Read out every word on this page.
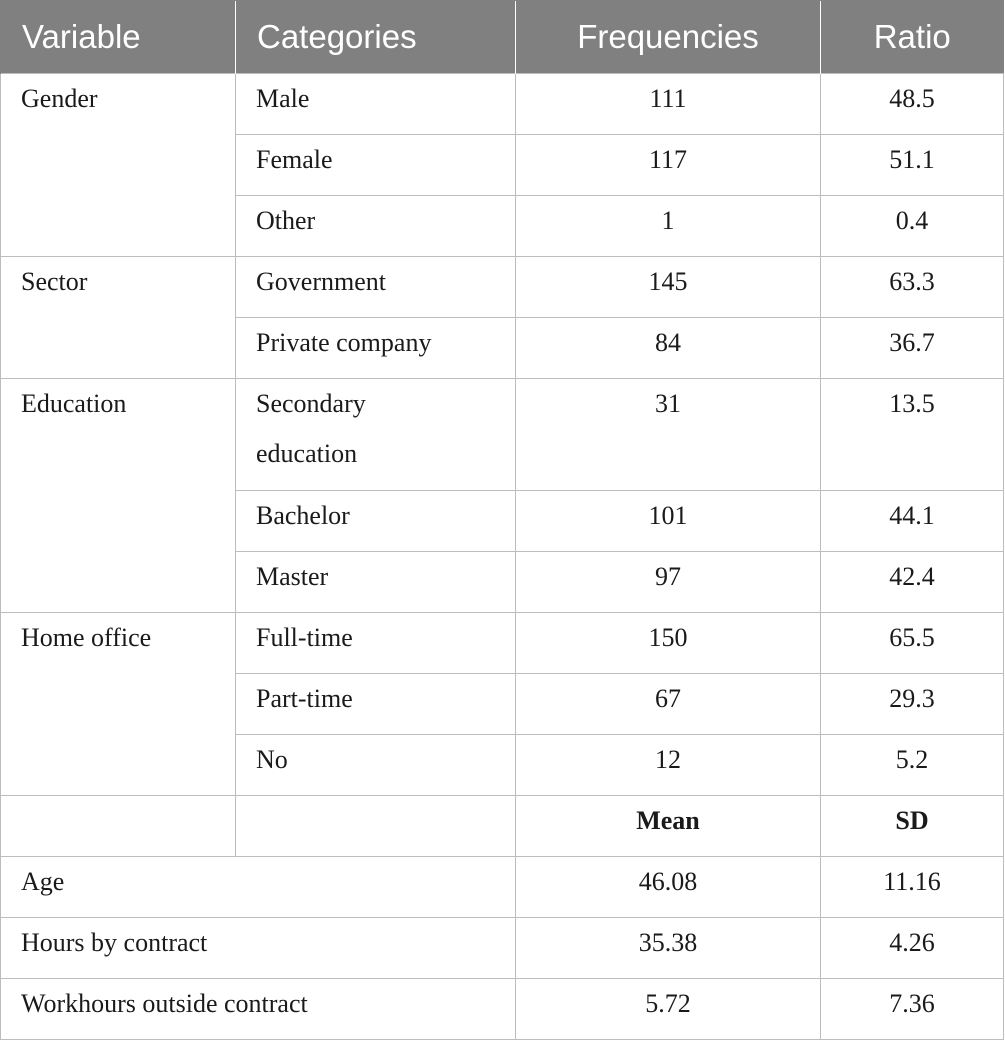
Variable	Categories	Frequencies	Ratio
Gender	Male	111	48.5
	Female	117	51.1
	Other	1	0.4
Sector	Government	145	63.3
	Private company	84	36.7
Education	Secondary education	31	13.5
	Bachelor	101	44.1
	Master	97	42.4
Home office	Full-time	150	65.5
	Part-time	67	29.3
	No	12	5.2
		Mean	SD
Age		46.08	11.16
Hours by contract		35.38	4.26
Workhours outside contract		5.72	7.36
